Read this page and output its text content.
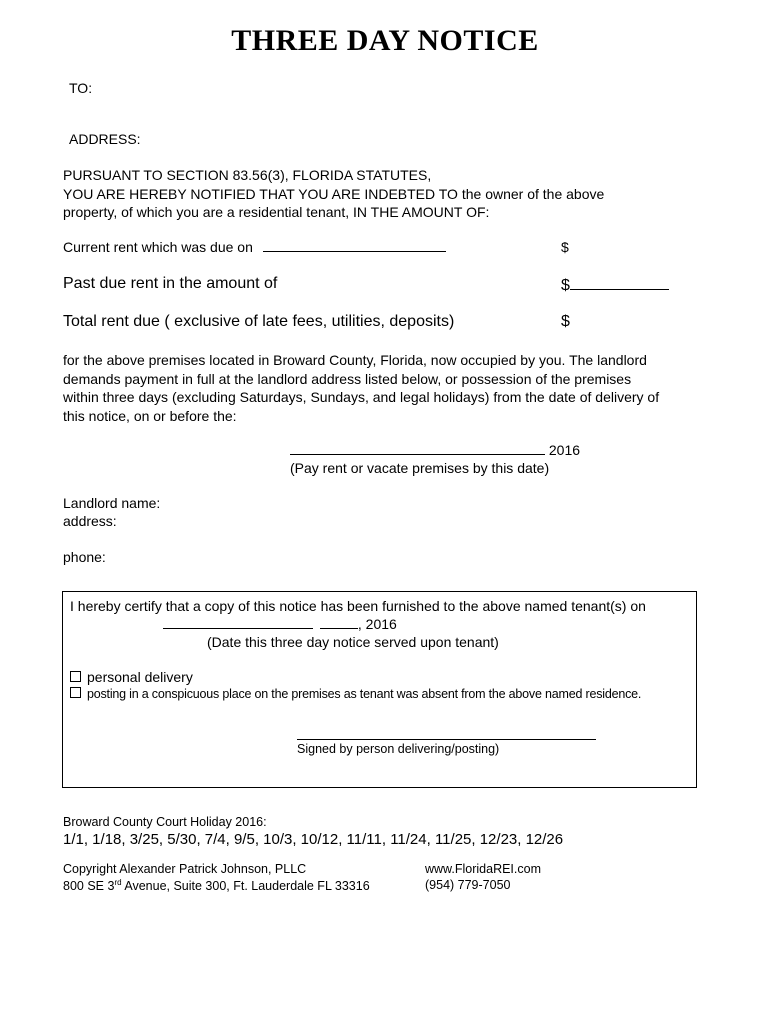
THREE DAY NOTICE
TO:
ADDRESS:
PURSUANT TO SECTION 83.56(3), FLORIDA STATUTES,
YOU ARE HEREBY NOTIFIED THAT YOU ARE INDEBTED TO the owner of the above
property, of which you are a residential tenant, IN THE AMOUNT OF:
Current rent which was due on	$
Past due rent in the amount of	$
Total rent due ( exclusive of late fees, utilities, deposits)	$
for the above premises located in Broward County, Florida, now occupied by you. The landlord
demands payment in full at the landlord address listed below, or possession of the premises
within three days (excluding Saturdays, Sundays, and legal holidays) from the date of delivery of
this notice, on or before the:
2016
(Pay rent or vacate premises by this date)
Landlord name:
address:
phone:
I hereby certify that a copy of this notice has been furnished to the above named tenant(s) on
, 2016
(Date this three day notice served upon tenant)
personal delivery
posting in a conspicuous place on the premises as tenant was absent from the above named residence.
Signed by person delivering/posting)
Broward County Court Holiday 2016:
1/1, 1/18, 3/25, 5/30, 7/4, 9/5, 10/3, 10/12, 11/11, 11/24, 11/25, 12/23, 12/26
Copyright Alexander Patrick Johnson, PLLC
800 SE 3rd Avenue, Suite 300, Ft. Lauderdale FL 33316
www.FloridaREI.com
(954) 779-7050
